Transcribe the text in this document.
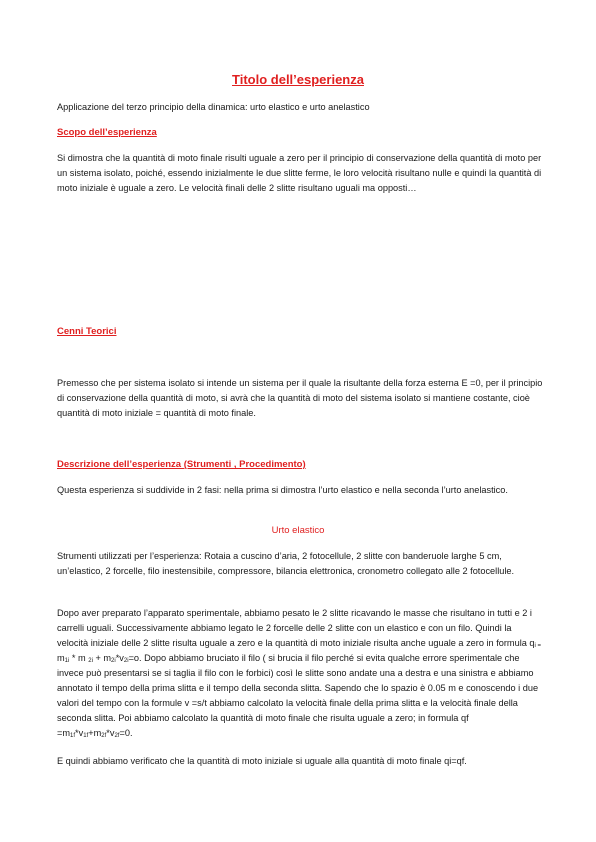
Titolo dell’esperienza

Applicazione del terzo principio della dinamica: urto elastico e urto anelastico

Scopo dell’esperienza

Si dimostra che la quantità di moto finale risulti uguale a zero per il principio di conservazione della quantità di moto per un sistema isolato, poiché, essendo inizialmente le due slitte ferme, le loro velocità risultano nulle e quindi la quantità di moto iniziale è uguale a zero. Le velocità finali delle 2 slitte risultano uguali ma opposti…

Cenni Teorici

Premesso che per sistema isolato si intende un sistema per il quale la risultante della forza esterna E =0, per il principio di conservazione della quantità di moto, si avrà che la quantità di moto del sistema isolato si mantiene costante, cioè quantità di moto iniziale = quantità di moto finale.

Descrizione dell’esperienza (Strumenti , Procedimento)

Questa esperienza si suddivide in 2 fasi: nella prima si dimostra l’urto elastico e nella seconda l’urto anelastico.

Urto elastico

Strumenti utilizzati per l’esperienza: Rotaia a cuscino d’aria, 2 fotocellule, 2 slitte con banderuole larghe 5 cm, un’elastico, 2 forcelle, filo inestensibile, compressore, bilancia elettronica, cronometro collegato alle 2 fotocellule.

Dopo aver preparato l’apparato sperimentale, abbiamo pesato le 2 slitte ricavando le masse che risultano in tutti e 2 i carrelli uguali. Successivamente abbiamo legato le 2 forcelle delle 2 slitte con un elastico e con un filo. Quindi la velocità iniziale delle 2 slitte risulta uguale a zero e la quantità di moto iniziale risulta anche uguale a zero in formula $q_{i =}$ $m_{1i}$ * m $_{2i} + m_{2i}*v_{2i}=o$. Dopo abbiamo bruciato il filo ( si brucia il filo perché si evita qualche errore sperimentale che invece può presentarsi se si taglia il filo con le forbici) così le slitte sono andate una a destra e una sinistra e abbiamo annotato il tempo della prima slitta e il tempo della seconda slitta. Sapendo che lo spazio è 0.05 m e conoscendo i due valori del tempo con la formule v =s/t abbiamo calcolato la velocità finale della prima slitta e la velocità finale della seconda slitta. Poi abbiamo calcolato la quantità di moto finale che risulta uguale a zero; in formula qf $=m_{1f}*v_{1f}+m_{2f}*v_{2f}=0$.

E quindi abbiamo verificato che la quantità di moto iniziale si uguale alla quantità di moto finale qi=qf.
